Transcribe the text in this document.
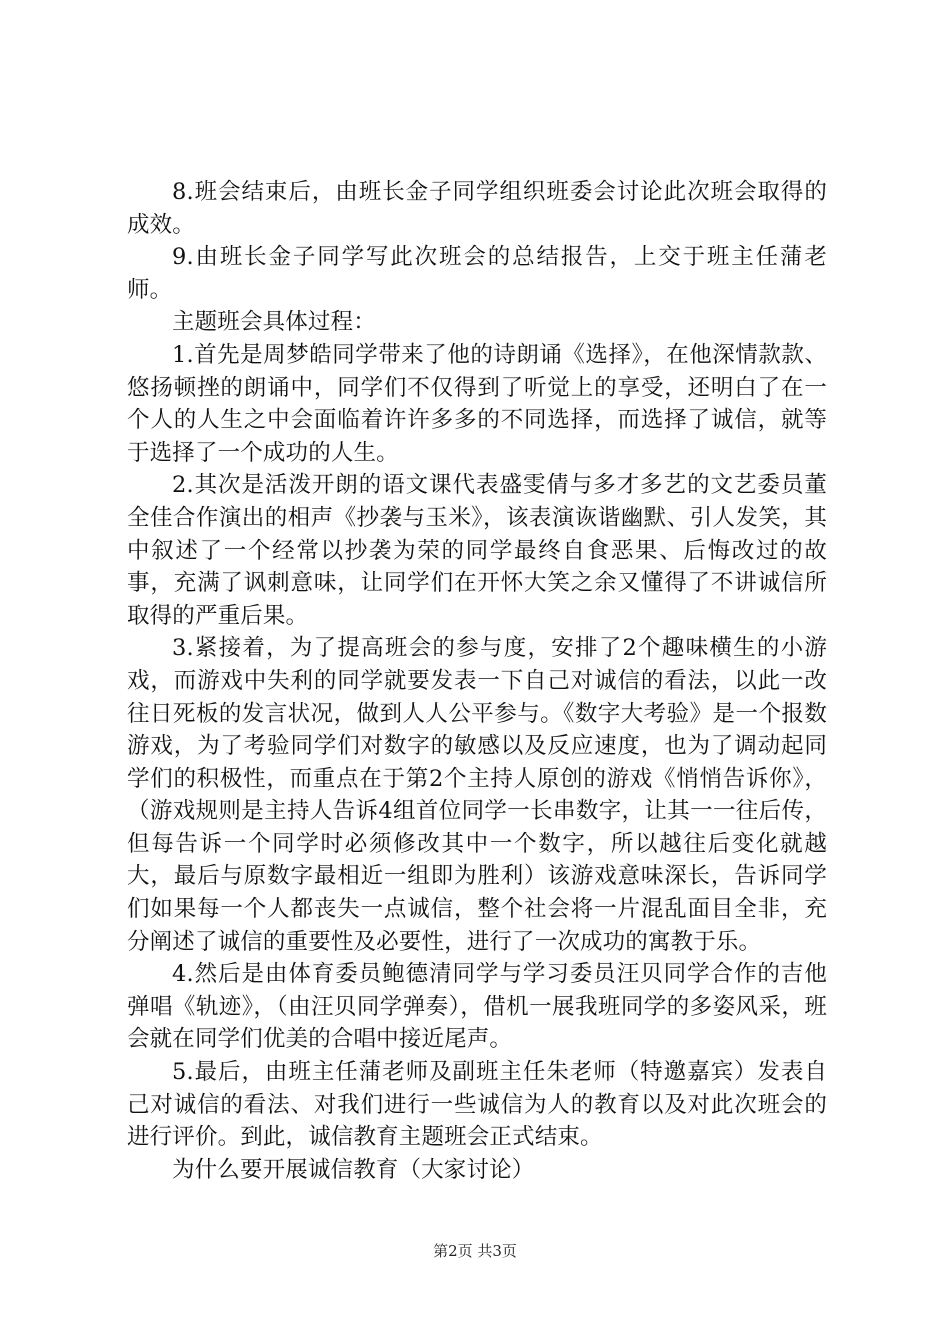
8.班会结束后，由班长金子同学组织班委会讨论此次班会取得的成效。

9.由班长金子同学写此次班会的总结报告，上交于班主任蒲老师。

主题班会具体过程：

1.首先是周梦皓同学带来了他的诗朗诵《选择》，在他深情款款、悠扬顿挫的朗诵中，同学们不仅得到了听觉上的享受，还明白了在一个人的人生之中会面临着许许多多的不同选择，而选择了诚信，就等于选择了一个成功的人生。

2.其次是活泼开朗的语文课代表盛雯倩与多才多艺的文艺委员董全佳合作演出的相声《抄袭与玉米》，该表演诙谐幽默、引人发笑，其中叙述了一个经常以抄袭为荣的同学最终自食恶果、后悔改过的故事，充满了讽刺意味，让同学们在开怀大笑之余又懂得了不讲诚信所取得的严重后果。

3.紧接着，为了提高班会的参与度，安排了2个趣味横生的小游戏，而游戏中失利的同学就要发表一下自己对诚信的看法，以此一改往日死板的发言状况，做到人人公平参与。《数字大考验》是一个报数游戏，为了考验同学们对数字的敏感以及反应速度，也为了调动起同学们的积极性，而重点在于第2个主持人原创的游戏《悄悄告诉你》，（游戏规则是主持人告诉4组首位同学一长串数字，让其一一往后传，但每告诉一个同学时必须修改其中一个数字，所以越往后变化就越大，最后与原数字最相近一组即为胜利）该游戏意味深长，告诉同学们如果每一个人都丧失一点诚信，整个社会将一片混乱面目全非，充分阐述了诚信的重要性及必要性，进行了一次成功的寓教于乐。

4.然后是由体育委员鲍德清同学与学习委员汪贝同学合作的吉他弹唱《轨迹》，（由汪贝同学弹奏），借机一展我班同学的多姿风采，班会就在同学们优美的合唱中接近尾声。

5.最后，由班主任蒲老师及副班主任朱老师（特邀嘉宾）发表自己对诚信的看法、对我们进行一些诚信为人的教育以及对此次班会的进行评价。到此，诚信教育主题班会正式结束。

为什么要开展诚信教育（大家讨论）

第2页 共3页
